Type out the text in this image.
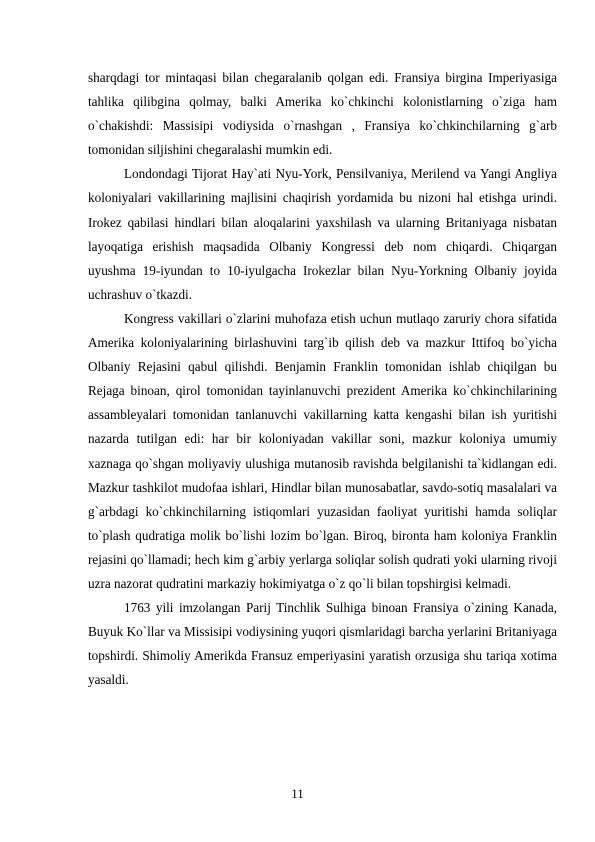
sharqdagi tor mintaqasi bilan chegaralanib qolgan edi. Fransiya birgina Imperiyasiga tahlika qilibgina qolmay, balki Amerika ko`chkinchi kolonistlarning o`ziga ham o`chakishdi: Massisipi vodiysida o`rnashgan , Fransiya ko`chkinchilarning g`arb tomonidan siljishini chegaralashi mumkin edi.

Londondagi Tijorat Hay`ati Nyu-York, Pensilvaniya, Merilend va Yangi Angliya koloniyalari vakillarining majlisini chaqirish yordamida bu nizoni hal etishga urindi. Irokez qabilasi hindlari bilan aloqalarini yaxshilash va ularning Britaniyaga nisbatan layoqatiga erishish maqsadida Olbaniy Kongressi deb nom chiqardi. Chiqargan uyushma 19-iyundan to 10-iyulgacha Irokezlar bilan Nyu-Yorkning Olbaniy joyida uchrashuv o`tkazdi.

Kongress vakillari o`zlarini muhofaza etish uchun mutlaqo zaruriy chora sifatida Amerika koloniyalarining birlashuvini targ`ib qilish deb va mazkur Ittifoq bo`yicha Olbaniy Rejasini qabul qilishdi. Benjamin Franklin tomonidan ishlab chiqilgan bu Rejaga binoan, qirol tomonidan tayinlanuvchi prezident Amerika ko`chkinchilarining assambleyalari tomonidan tanlanuvchi vakillarning katta kengashi bilan ish yuritishi nazarda tutilgan edi: har bir koloniyadan vakillar soni, mazkur koloniya umumiy xaznaga qo`shgan moliyaviy ulushiga mutanosib ravishda belgilanishi ta`kidlangan edi. Mazkur tashkilot mudofaa ishlari, Hindlar bilan munosabatlar, savdo-sotiq masalalari va g`arbdagi ko`chkinchilarning istiqomlari yuzasidan faoliyat yuritishi hamda soliqlar to`plash qudratiga molik bo`lishi lozim bo`lgan. Biroq, bironta ham koloniya Franklin rejasini qo`llamadi; hech kim g`arbiy yerlarga soliqlar solish qudrati yoki ularning rivoji uzra nazorat qudratini markaziy hokimiyatga o`z qo`li bilan topshirgisi kelmadi.

1763 yili imzolangan Parij Tinchlik Sulhiga binoan Fransiya o`zining Kanada, Buyuk Ko`llar va Missisipi vodiysining yuqori qismlaridagi barcha yerlarini Britaniyaga topshirdi. Shimoliy Amerikda Fransuz emperiyasini yaratish orzusiga shu tariqa xotima yasaldi.

11
